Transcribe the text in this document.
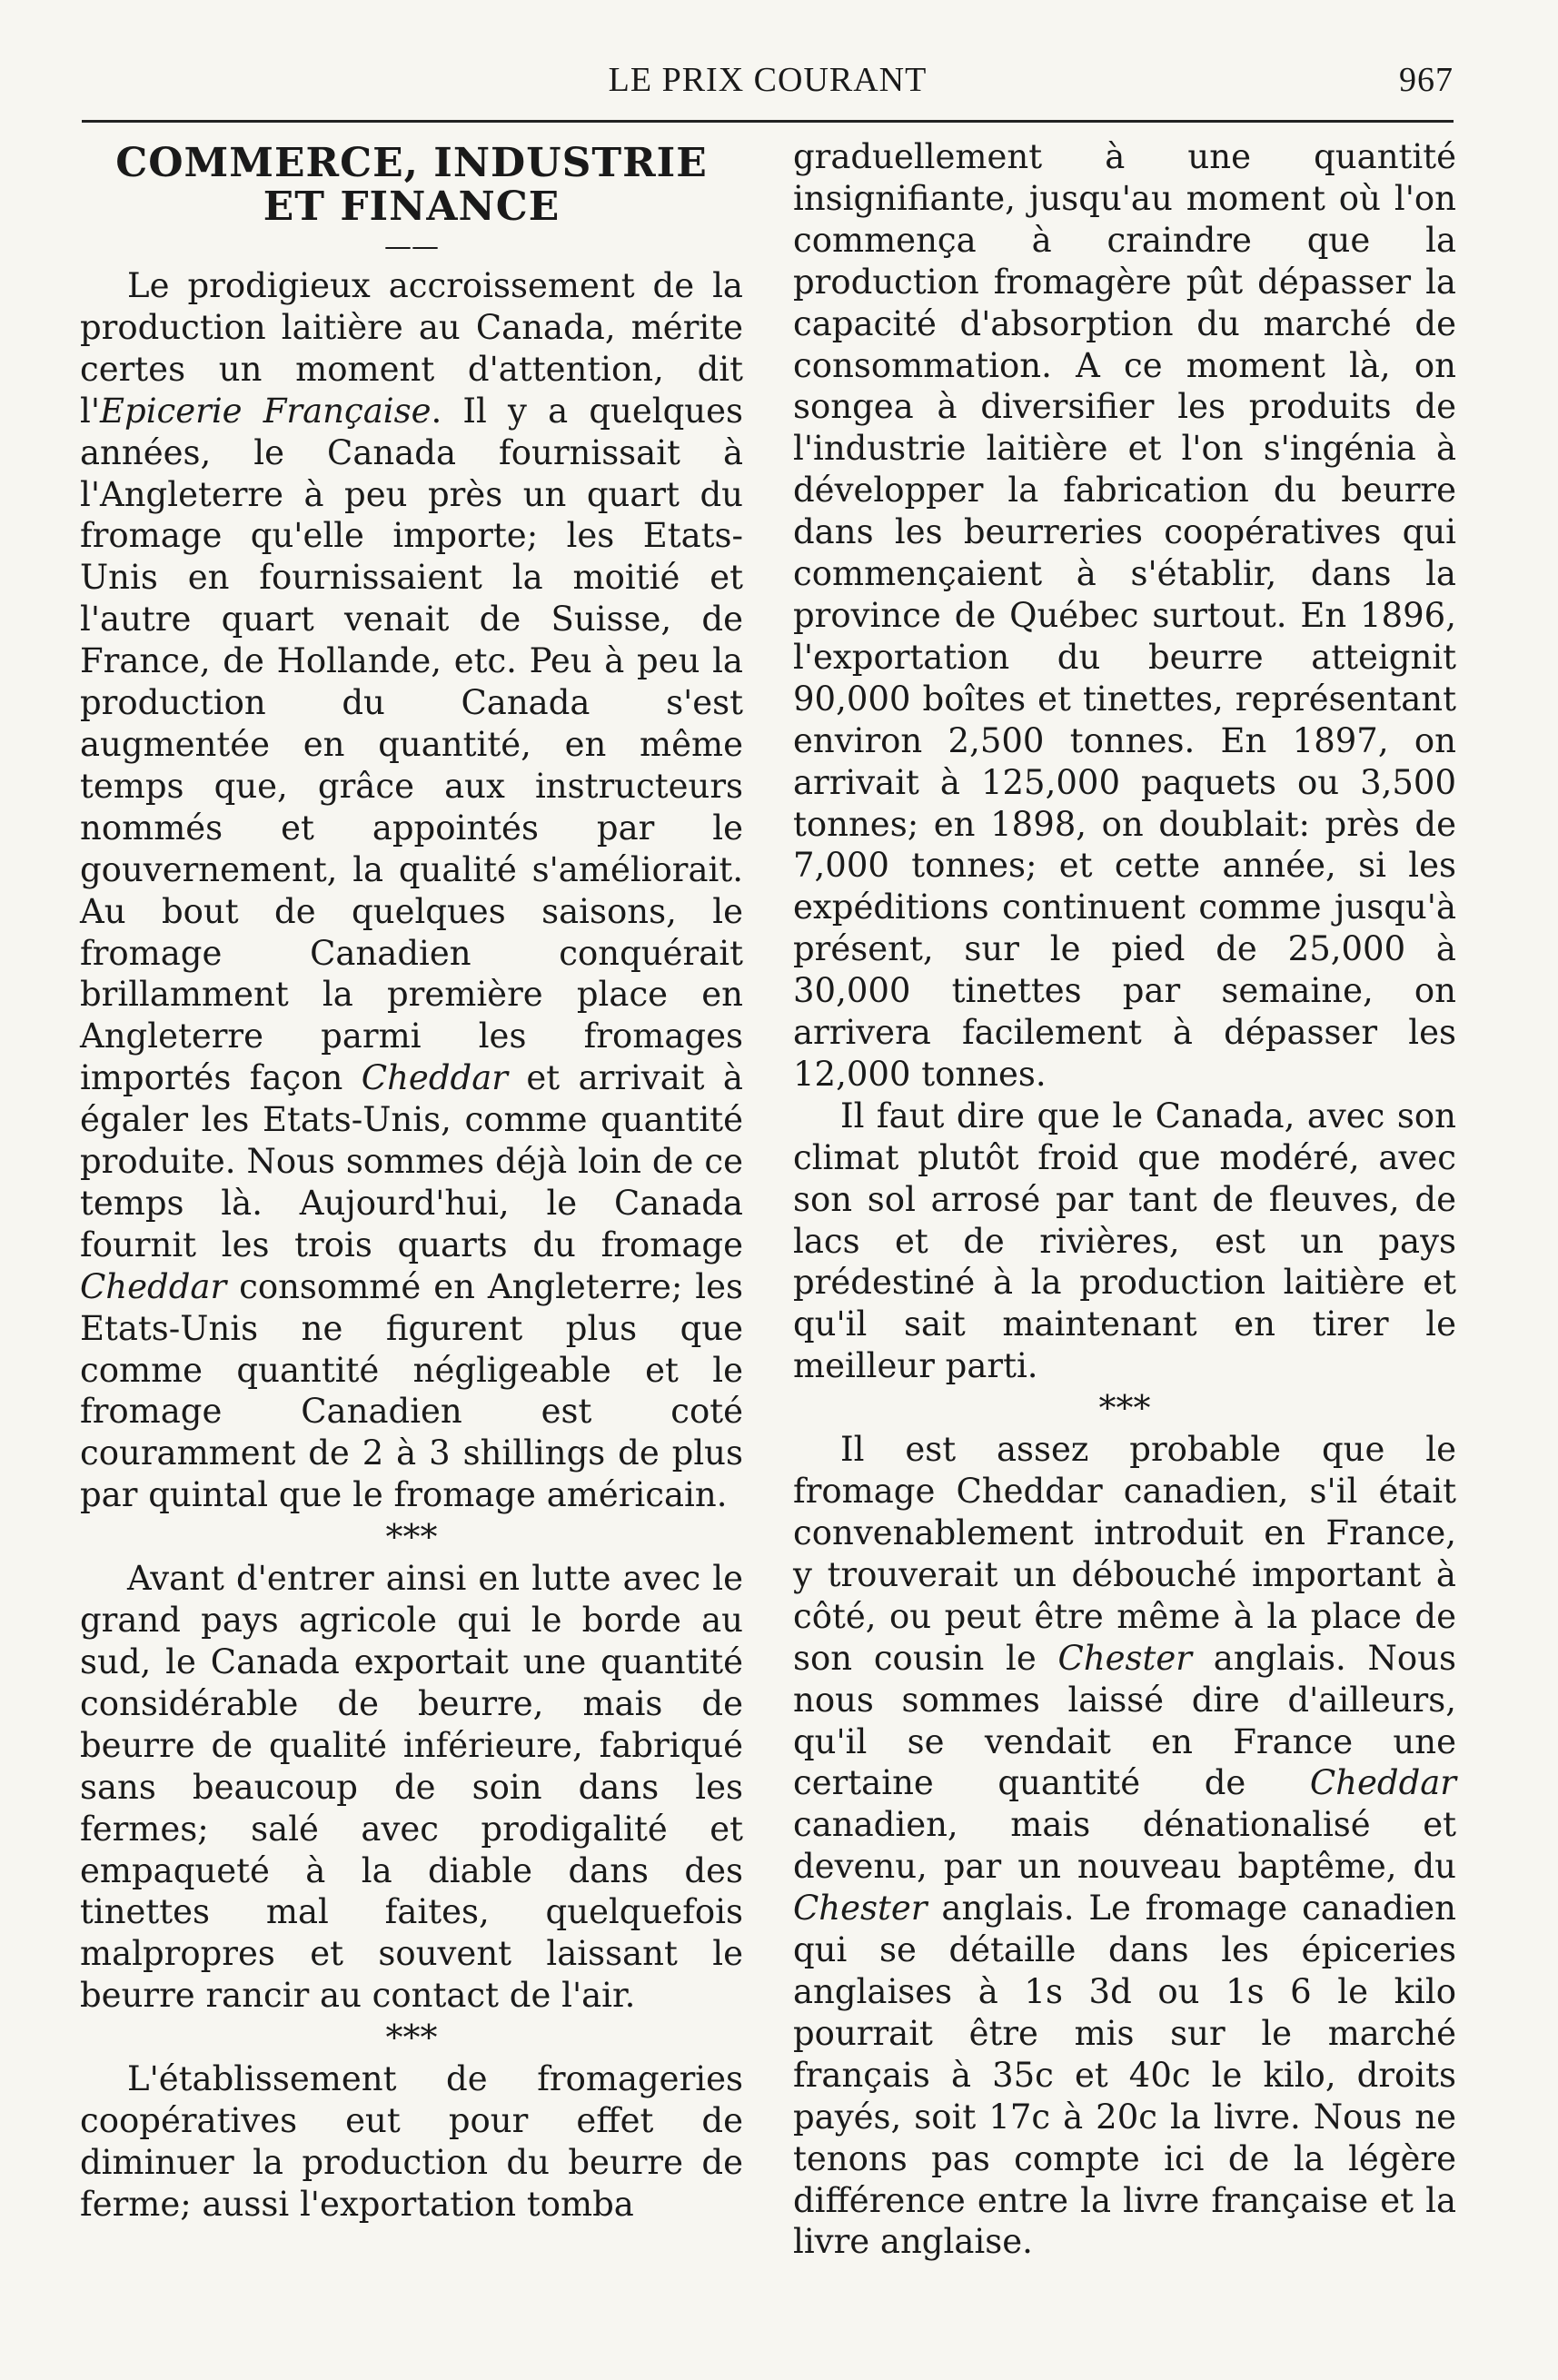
LE PRIX COURANT	967
COMMERCE, INDUSTRIE
ET FINANCE

——

Le prodigieux accroissement de la production laitière au Canada, mérite certes un moment d'attention, dit l'Epicerie Française. Il y a quelques années, le Canada fournissait à l'Angleterre à peu près un quart du fromage qu'elle importe; les Etats-Unis en fournissaient la moitié et l'autre quart venait de Suisse, de France, de Hollande, etc. Peu à peu la production du Canada s'est augmentée en quantité, en même temps que, grâce aux instructeurs nommés et appointés par le gouvernement, la qualité s'améliorait. Au bout de quelques saisons, le fromage Canadien conquérait brillamment la première place en Angleterre parmi les fromages importés façon Cheddar et arrivait à égaler les Etats-Unis, comme quantité produite. Nous sommes déjà loin de ce temps là. Aujourd'hui, le Canada fournit les trois quarts du fromage Cheddar consommé en Angleterre; les Etats-Unis ne figurent plus que comme quantité négligeable et le fromage Canadien est coté couramment de 2 à 3 shillings de plus par quintal que le fromage américain.

***

Avant d'entrer ainsi en lutte avec le grand pays agricole qui le borde au sud, le Canada exportait une quantité considérable de beurre, mais de beurre de qualité inférieure, fabriqué sans beaucoup de soin dans les fermes; salé avec prodigalité et empaqueté à la diable dans des tinettes mal faites, quelquefois malpropres et souvent laissant le beurre rancir au contact de l'air.

***

L'établissement de fromageries coopératives eut pour effet de diminuer la production du beurre de ferme; aussi l'exportation tomba

graduellement à une quantité insignifiante, jusqu'au moment où l'on commença à craindre que la production fromagère pût dépasser la capacité d'absorption du marché de consommation. A ce moment là, on songea à diversifier les produits de l'industrie laitière et l'on s'ingénia à développer la fabrication du beurre dans les beurreries coopératives qui commençaient à s'établir, dans la province de Québec surtout. En 1896, l'exportation du beurre atteignit 90,000 boîtes et tinettes, représentant environ 2,500 tonnes. En 1897, on arrivait à 125,000 paquets ou 3,500 tonnes; en 1898, on doublait: près de 7,000 tonnes; et cette année, si les expéditions continuent comme jusqu'à présent, sur le pied de 25,000 à 30,000 tinettes par semaine, on arrivera facilement à dépasser les 12,000 tonnes.

Il faut dire que le Canada, avec son climat plutôt froid que modéré, avec son sol arrosé par tant de fleuves, de lacs et de rivières, est un pays prédestiné à la production laitière et qu'il sait maintenant en tirer le meilleur parti.

***

Il est assez probable que le fromage Cheddar canadien, s'il était convenablement introduit en France, y trouverait un débouché important à côté, ou peut être même à la place de son cousin le Chester anglais. Nous nous sommes laissé dire d'ailleurs, qu'il se vendait en France une certaine quantité de Cheddar canadien, mais dénationalisé et devenu, par un nouveau baptême, du Chester anglais. Le fromage canadien qui se détaille dans les épiceries anglaises à 1s 3d ou 1s 6 le kilo pourrait être mis sur le marché français à 35c et 40c le kilo, droits payés, soit 17c à 20c la livre. Nous ne tenons pas compte ici de la légère différence entre la livre française et la livre anglaise.
